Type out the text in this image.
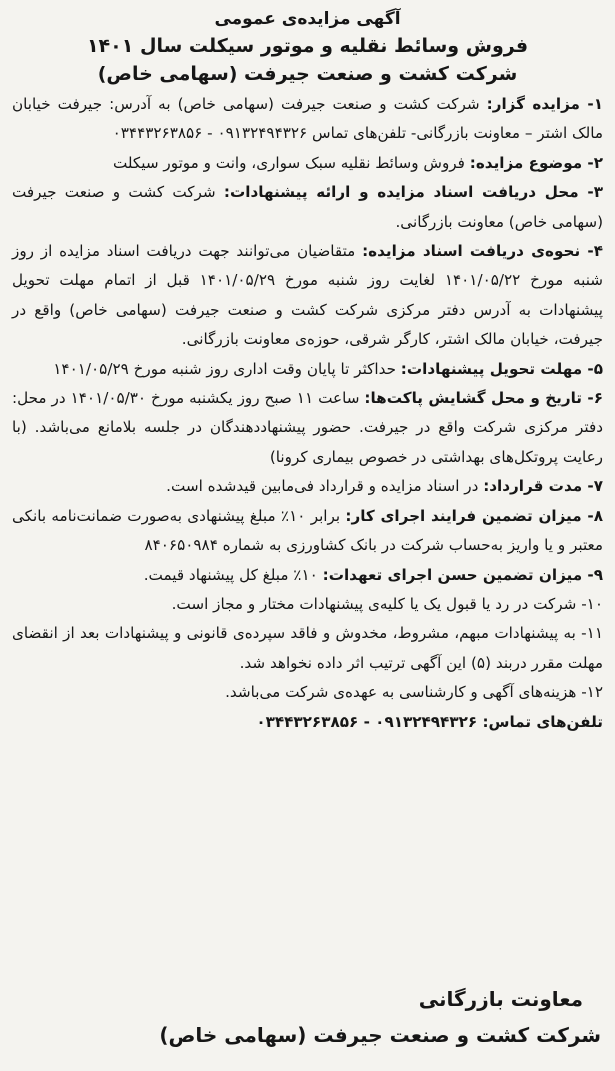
آگهی مزایده‌ی عمومی
فروش وسائط نقلیه و موتور سیکلت سال ۱۴۰۱
شرکت کشت و صنعت جیرفت (سهامی خاص)

۱- مزایده گزار: شرکت کشت و صنعت جیرفت (سهامی خاص) به آدرس: جیرفت خیابان مالک اشتر – معاونت بازرگانی- تلفن‌های تماس ۰۹۱۳۲۴۹۴۳۲۶ - ۰۳۴۴۳۲۶۳۸۵۶

۲- موضوع مزایده: فروش وسائط نقلیه سبک سواری، وانت و موتور سیکلت

۳- محل دریافت اسناد مزایده و ارائه پیشنهادات: شرکت کشت و صنعت جیرفت (سهامی خاص) معاونت بازرگانی.

۴- نحوه‌ی دریافت اسناد مزایده: متقاضیان می‌توانند جهت دریافت اسناد مزایده از روز شنبه مورخ ۱۴۰۱/۰۵/۲۲ لغایت روز شنبه مورخ ۱۴۰۱/۰۵/۲۹ قبل از اتمام مهلت تحویل پیشنهادات به آدرس دفتر مرکزی شرکت کشت و صنعت جیرفت (سهامی خاص) واقع در جیرفت، خیابان مالک اشتر، کارگر شرقی، حوزه‌ی معاونت بازرگانی.

۵- مهلت تحویل پیشنهادات: حداکثر تا پایان وقت اداری روز شنبه مورخ ۱۴۰۱/۰۵/۲۹

۶- تاریخ و محل گشایش پاکت‌ها: ساعت ۱۱ صبح روز یکشنبه مورخ ۱۴۰۱/۰۵/۳۰ در محل: دفتر مرکزی شرکت واقع در جیرفت. حضور پیشنهاددهندگان در جلسه بلامانع می‌باشد. (با رعایت پروتکل‌های بهداشتی در خصوص بیماری کرونا)

۷- مدت قرارداد: در اسناد مزایده و قرارداد فی‌مابین قیدشده است.

۸- میزان تضمین فرایند اجرای کار: برابر ۱۰٪ مبلغ پیشنهادی به‌صورت ضمانت‌نامه بانکی معتبر و یا واریز به‌حساب شرکت در بانک کشاورزی به شماره ۸۴۰۶۵۰۹۸۴

۹- میزان تضمین حسن اجرای تعهدات: ۱۰٪ مبلغ کل پیشنهاد قیمت.

۱۰- شرکت در رد یا قبول یک یا کلیه‌ی پیشنهادات مختار و مجاز است.

۱۱- به پیشنهادات مبهم، مشروط، مخدوش و فاقد سپرده‌ی قانونی و پیشنهادات بعد از انقضای مهلت مقرر دربند (۵) این آگهی ترتیب اثر داده نخواهد شد.

۱۲- هزینه‌های آگهی و کارشناسی به عهده‌ی شرکت می‌باشد.

تلفن‌های تماس: ۰۹۱۳۲۴۹۴۳۲۶ - ۰۳۴۴۳۲۶۳۸۵۶

معاونت بازرگانی
شرکت کشت و صنعت جیرفت (سهامی خاص)
